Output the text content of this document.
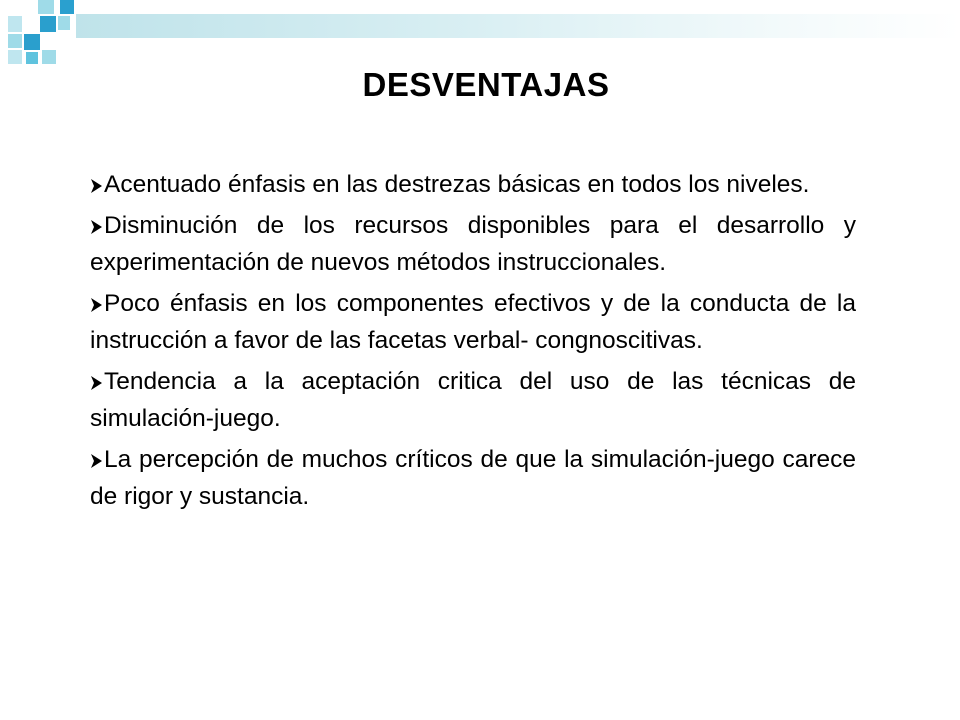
DESVENTAJAS
Acentuado énfasis en las destrezas básicas en todos los niveles.
Disminución de los recursos disponibles para el desarrollo y experimentación de nuevos métodos instruccionales.
Poco énfasis en los componentes efectivos y de la conducta de la instrucción a favor de las facetas verbal- congnoscitivas.
Tendencia a la aceptación critica del uso de las técnicas de simulación-juego.
La percepción de muchos críticos de que la simulación-juego carece de rigor y sustancia.
